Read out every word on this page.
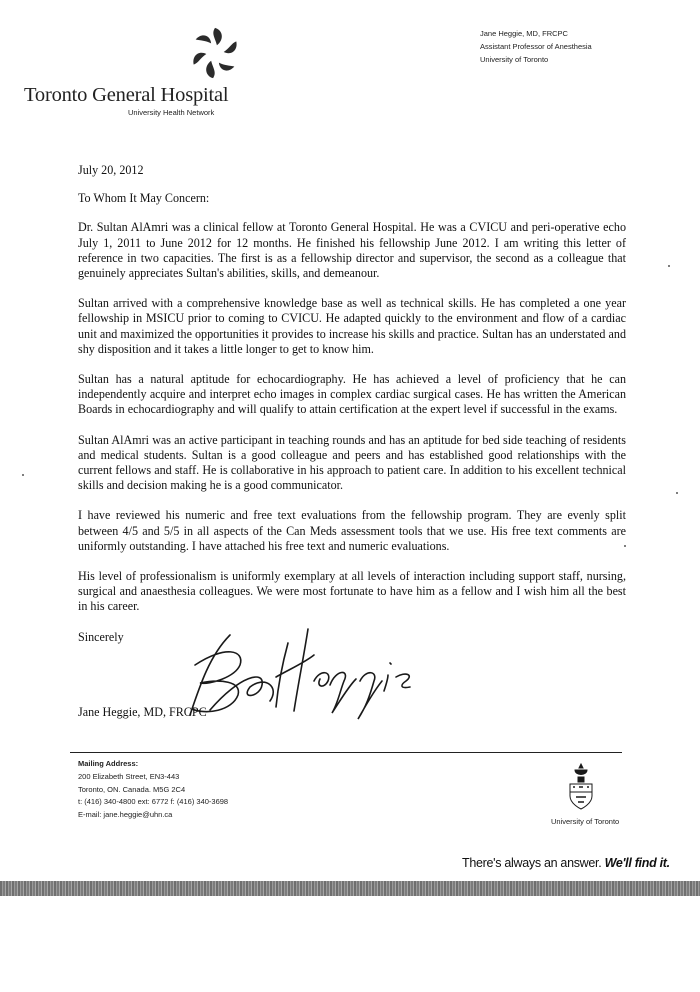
Toronto General Hospital
University Health Network
Jane Heggie, MD, FRCPC
Assistant Professor of Anesthesia
University of Toronto
July 20, 2012
To Whom It May Concern:

Dr. Sultan AlAmri was a clinical fellow at Toronto General Hospital. He was a CVICU and peri-operative echo July 1, 2011 to June 2012 for 12 months. He finished his fellowship June 2012. I am writing this letter of reference in two capacities. The first is as a fellowship director and supervisor, the second as a colleague that genuinely appreciates Sultan's abilities, skills, and demeanour.

Sultan arrived with a comprehensive knowledge base as well as technical skills. He has completed a one year fellowship in MSICU prior to coming to CVICU. He adapted quickly to the environment and flow of a cardiac unit and maximized the opportunities it provides to increase his skills and practice. Sultan has an understated and shy disposition and it takes a little longer to get to know him.

Sultan has a natural aptitude for echocardiography. He has achieved a level of proficiency that he can independently acquire and interpret echo images in complex cardiac surgical cases. He has written the American Boards in echocardiography and will qualify to attain certification at the expert level if successful in the exams.

Sultan AlAmri was an active participant in teaching rounds and has an aptitude for bed side teaching of residents and medical students. Sultan is a good colleague and peers and has established good relationships with the current fellows and staff. He is collaborative in his approach to patient care. In addition to his excellent technical skills and decision making he is a good communicator.

I have reviewed his numeric and free text evaluations from the fellowship program. They are evenly split between 4/5 and 5/5 in all aspects of the Can Meds assessment tools that we use. His free text comments are uniformly outstanding. I have attached his free text and numeric evaluations.

His level of professionalism is uniformly exemplary at all levels of interaction including support staff, nursing, surgical and anaesthesia colleagues. We were most fortunate to have him as a fellow and I wish him all the best in his career.

Sincerely
Jane Heggie, MD, FRCPC
Mailing Address:
200 Elizabeth Street, EN3-443
Toronto, ON. Canada. M5G 2C4
t: (416) 340-4800 ext: 6772 f: (416) 340-3698
E-mail: jane.heggie@uhn.ca
University of Toronto
There's always an answer. We'll find it.
